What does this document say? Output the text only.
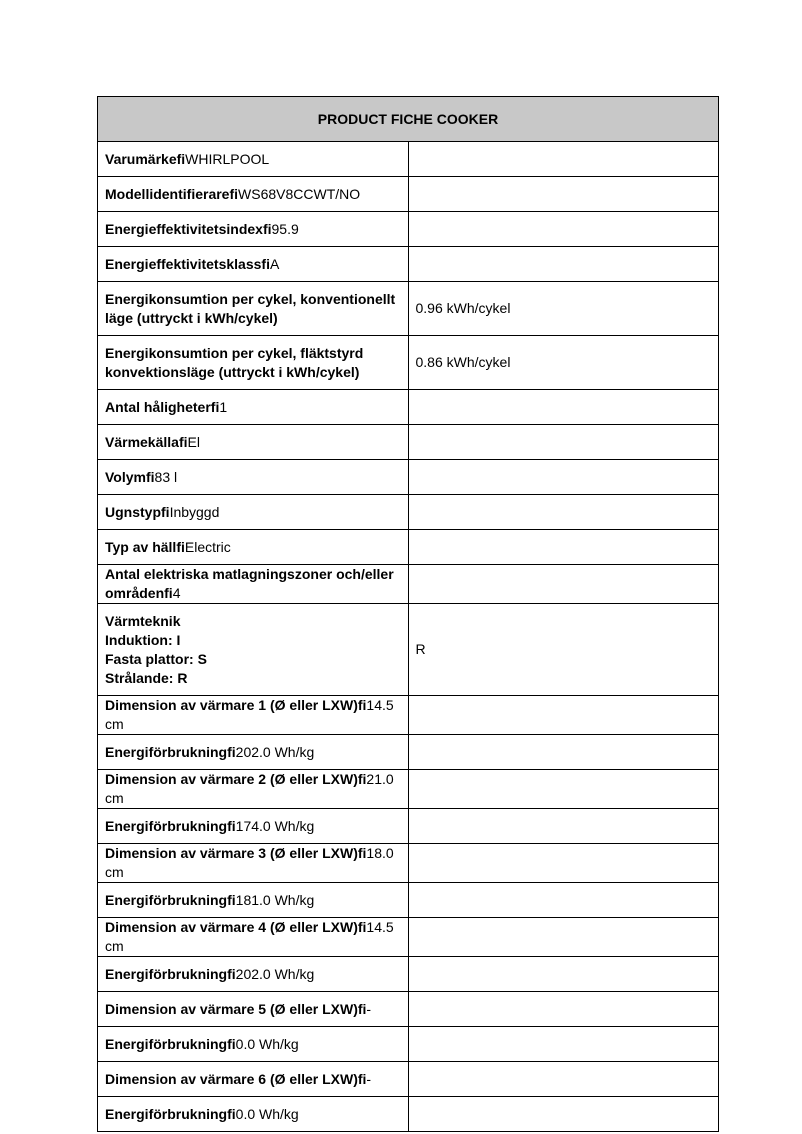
PRODUCT FICHE COOKER	
VarumärkefiWHIRLPOOL	
ModellidentifierarefiWS68V8CCWT/NO	
Energieffektivitetsindexfi95.9	
EnergieffektivitetsklassfiA	
Energikonsumtion per cykel, konventionellt läge (uttryckt i kWh/cykel)	0.96 kWh/cykel
Energikonsumtion per cykel, fläktstyrd konvektionsläge (uttryckt i kWh/cykel)	0.86 kWh/cykel
Antal håligheterfi1	
VärmekällafiEl	
Volymfi83 l	
UgnstypfiInbyggd	
Typ av hällfiElectric	
Antal elektriska matlagningszoner och/eller områdenfi4	

Värmteknik
Induktion: I
Fasta plattor: S
Strålande: R	R
Dimension av värmare 1 (Ø eller LXW)fi14.5 cm	
Energiförbrukningfi202.0 Wh/kg	
Dimension av värmare 2 (Ø eller LXW)fi21.0 cm	
Energiförbrukningfi174.0 Wh/kg	
Dimension av värmare 3 (Ø eller LXW)fi18.0 cm	
Energiförbrukningfi181.0 Wh/kg	
Dimension av värmare 4 (Ø eller LXW)fi14.5 cm	
Energiförbrukningfi202.0 Wh/kg	
Dimension av värmare 5 (Ø eller LXW)fi-	
Energiförbrukningfi0.0 Wh/kg	
Dimension av värmare 6 (Ø eller LXW)fi-	
Energiförbrukningfi0.0 Wh/kg	
